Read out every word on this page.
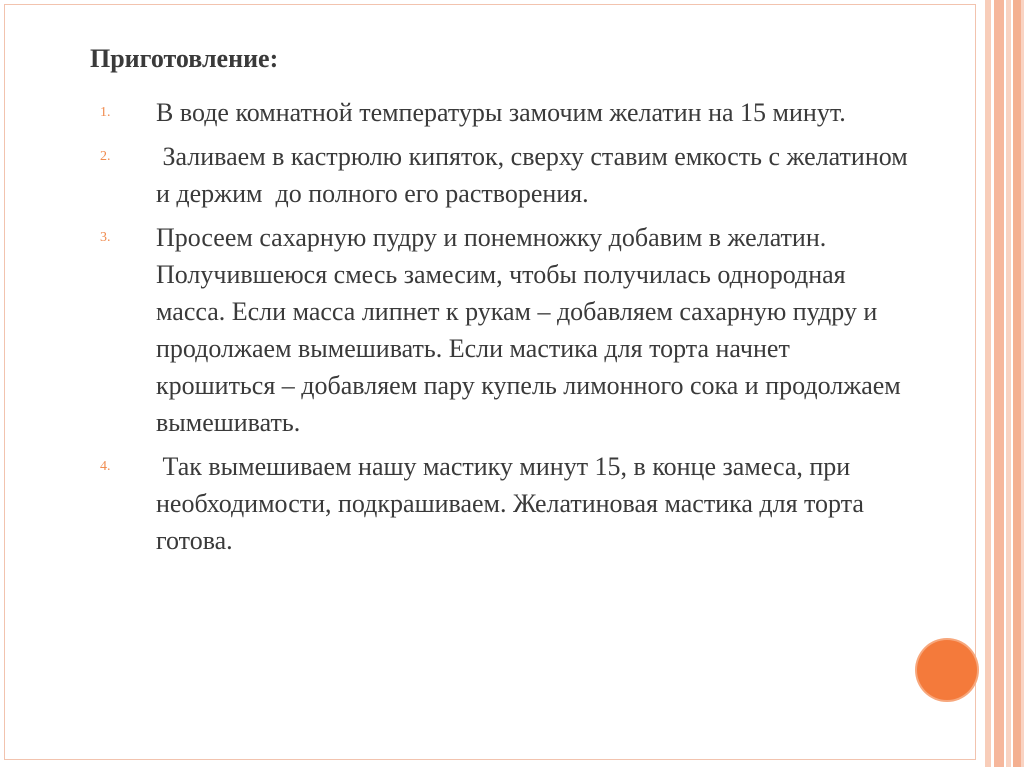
Приготовление:
1. В воде комнатной температуры замочим желатин на 15 минут.
2. Заливаем в кастрюлю кипяток, сверху ставим емкость с желатином и держим  до полного его растворения.
3. Просеем сахарную пудру и понемножку добавим в желатин. Получившеюся смесь замесим, чтобы получилась однородная масса. Если масса липнет к рукам – добавляем сахарную пудру и продолжаем вымешивать. Если мастика для торта начнет крошиться – добавляем пару купель лимонного сока и продолжаем вымешивать.
4. Так вымешиваем нашу мастику минут 15, в конце замеса, при необходимости, подкрашиваем. Желатиновая мастика для торта готова.
